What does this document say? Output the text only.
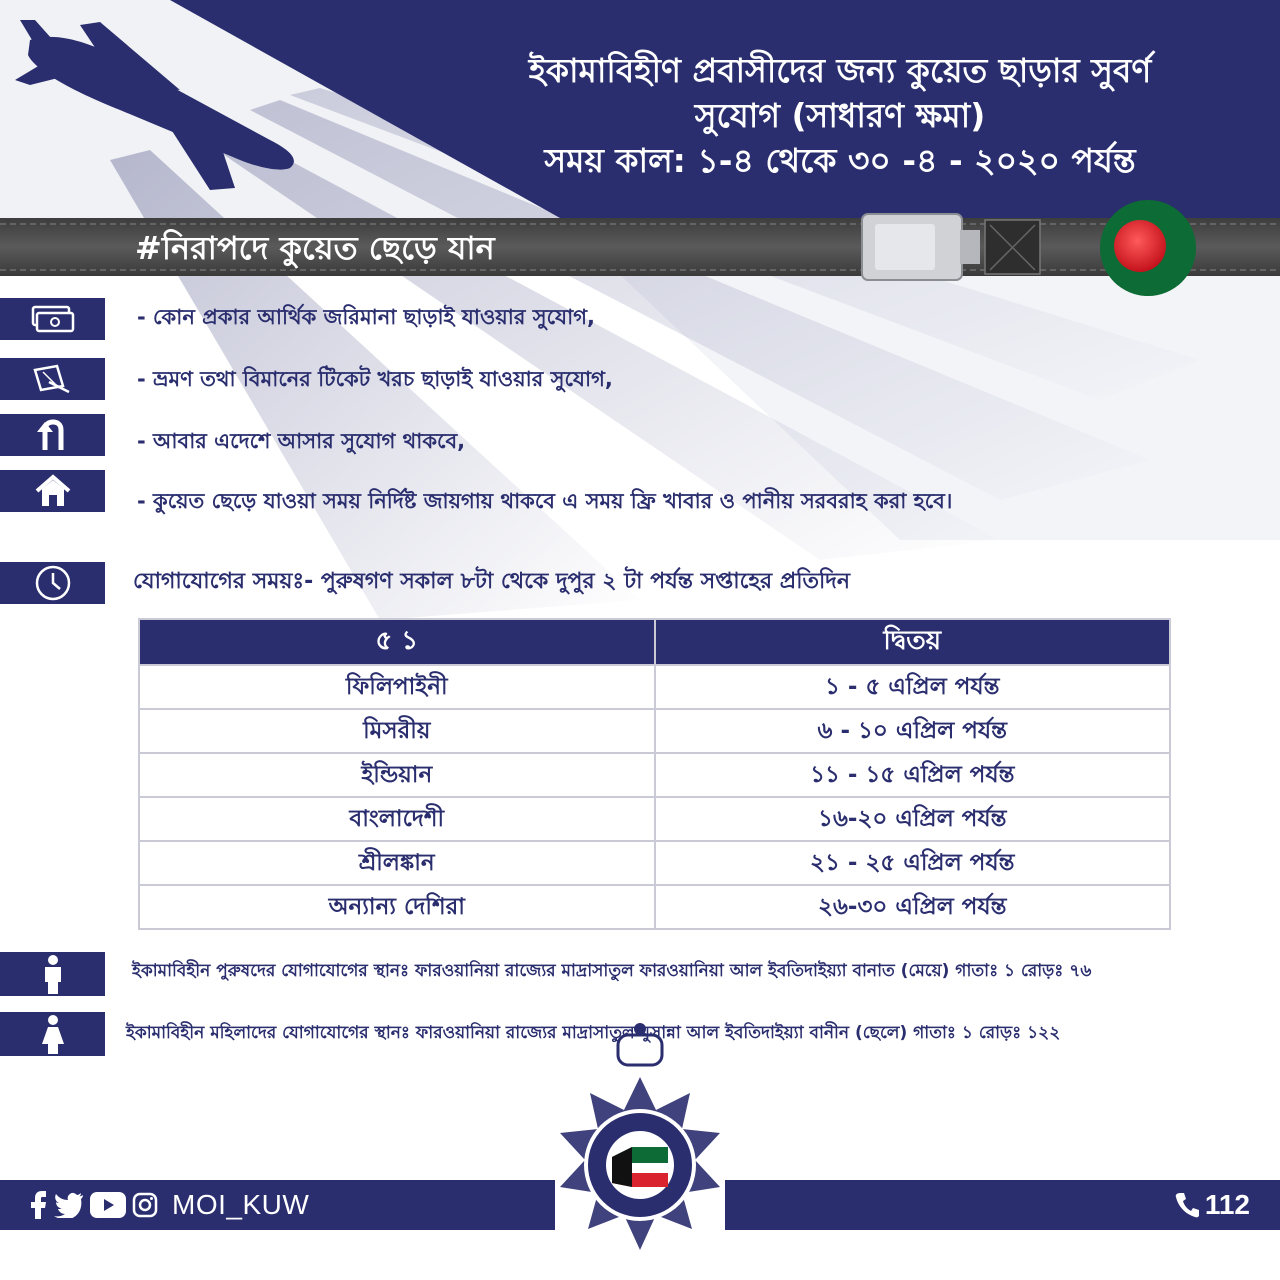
ইকামাবিহীণ প্রবাসীদের জন্য কুয়েত ছাড়ার সুবর্ণ
সুযোগ (সাধারণ ক্ষমা)
সময় কাল: ১-৪ থেকে ৩০ -৪ - ২০২০ পর্যন্ত
#নিরাপদে কুয়েত ছেড়ে যান
- কোন প্রকার আর্থিক জরিমানা ছাড়াই যাওয়ার সুযোগ,
- ভ্রমণ তথা বিমানের টিকেট খরচ ছাড়াই যাওয়ার সুযোগ,
- আবার এদেশে আসার সুযোগ থাকবে,
- কুয়েত ছেড়ে যাওয়া সময় নির্দিষ্ট জায়গায় থাকবে এ সময় ফ্রি খাবার ও পানীয় সরবরাহ করা হবে।
যোগাযোগের সময়ঃ- পুরুষগণ সকাল ৮টা থেকে দুপুর ২ টা পর্যন্ত সপ্তাহের প্রতিদিন
৫ ১	দ্বিতয়
ফিলিপাইনী	১ - ৫ এপ্রিল পর্যন্ত
মিসরীয়	৬ - ১০ এপ্রিল পর্যন্ত
ইন্ডিয়ান	১১ - ১৫ এপ্রিল পর্যন্ত
বাংলাদেশী	১৬-২০ এপ্রিল পর্যন্ত
শ্রীলঙ্কান	২১ - ২৫ এপ্রিল পর্যন্ত
অন্যান্য দেশিরা	২৬-৩০ এপ্রিল পর্যন্ত
ইকামাবিহীন পুরুষদের যোগাযোগের স্থানঃ ফারওয়ানিয়া রাজ্যের মাদ্রাসাতুল ফারওয়ানিয়া আল ইবতিদাইয়্যা বানাত (মেয়ে) গাতাঃ ১ রোড়ঃ ৭৬
ইকামাবিহীন মহিলাদের যোগাযোগের স্থানঃ ফারওয়ানিয়া রাজ্যের মাদ্রাসাতুল মুসান্না আল ইবতিদাইয়্যা বানীন (ছেলে) গাতাঃ ১ রোড়ঃ ১২২
MOI_KUW	112
